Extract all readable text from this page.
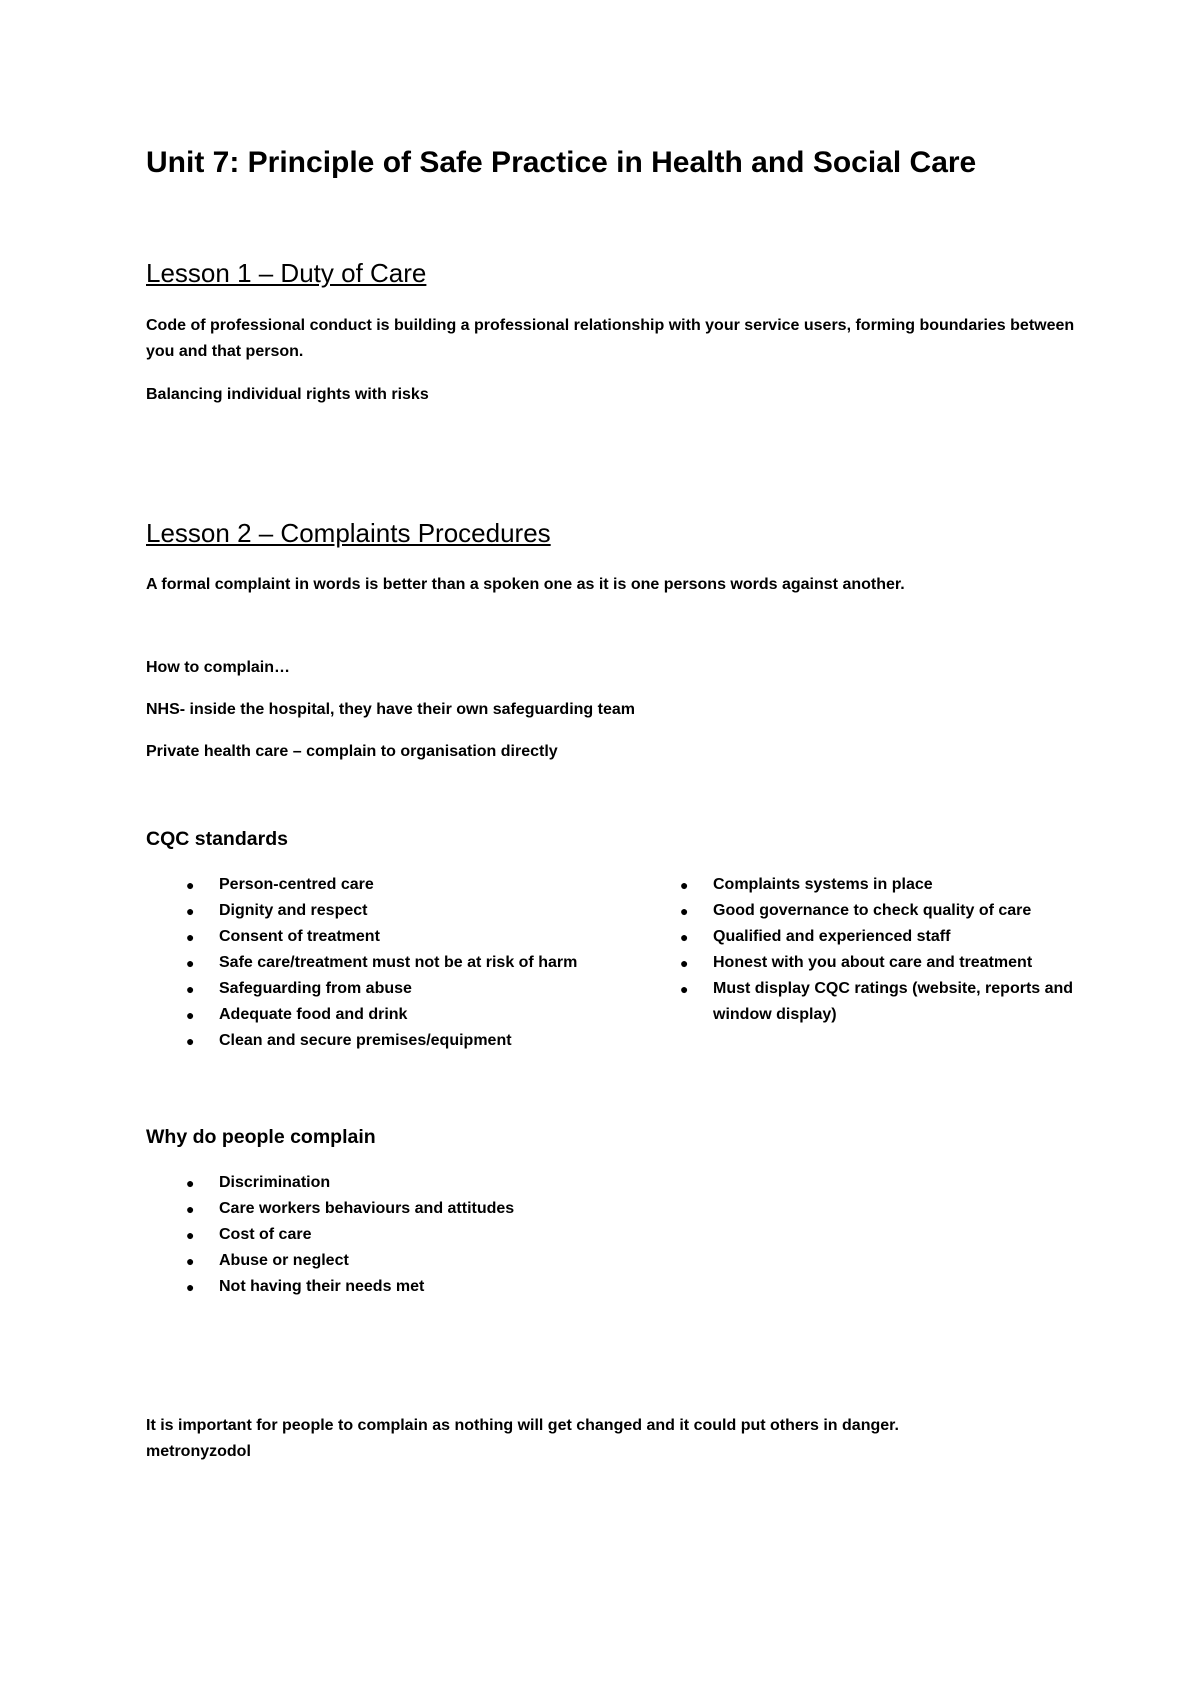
Unit 7: Principle of Safe Practice in Health and Social Care
Lesson 1 – Duty of Care

Code of professional conduct is building a professional relationship with your service users, forming boundaries between you and that person.

Balancing individual rights with risks

Lesson 2 – Complaints Procedures

A formal complaint in words is better than a spoken one as it is one persons words against another.

How to complain…

NHS- inside the hospital, they have their own safeguarding team

Private health care – complain to organisation directly

CQC standards
● Person-centred care
● Dignity and respect
● Consent of treatment
● Safe care/treatment must not be at risk of harm
● Safeguarding from abuse
● Adequate food and drink
● Clean and secure premises/equipment
● Complaints systems in place
● Good governance to check quality of care
● Qualified and experienced staff
● Honest with you about care and treatment
● Must display CQC ratings (website, reports and window display)
Why do people complain
● Discrimination
● Care workers behaviours and attitudes
● Cost of care
● Abuse or neglect
● Not having their needs met

It is important for people to complain as nothing will get changed and it could put others in danger.

metronyzodol
